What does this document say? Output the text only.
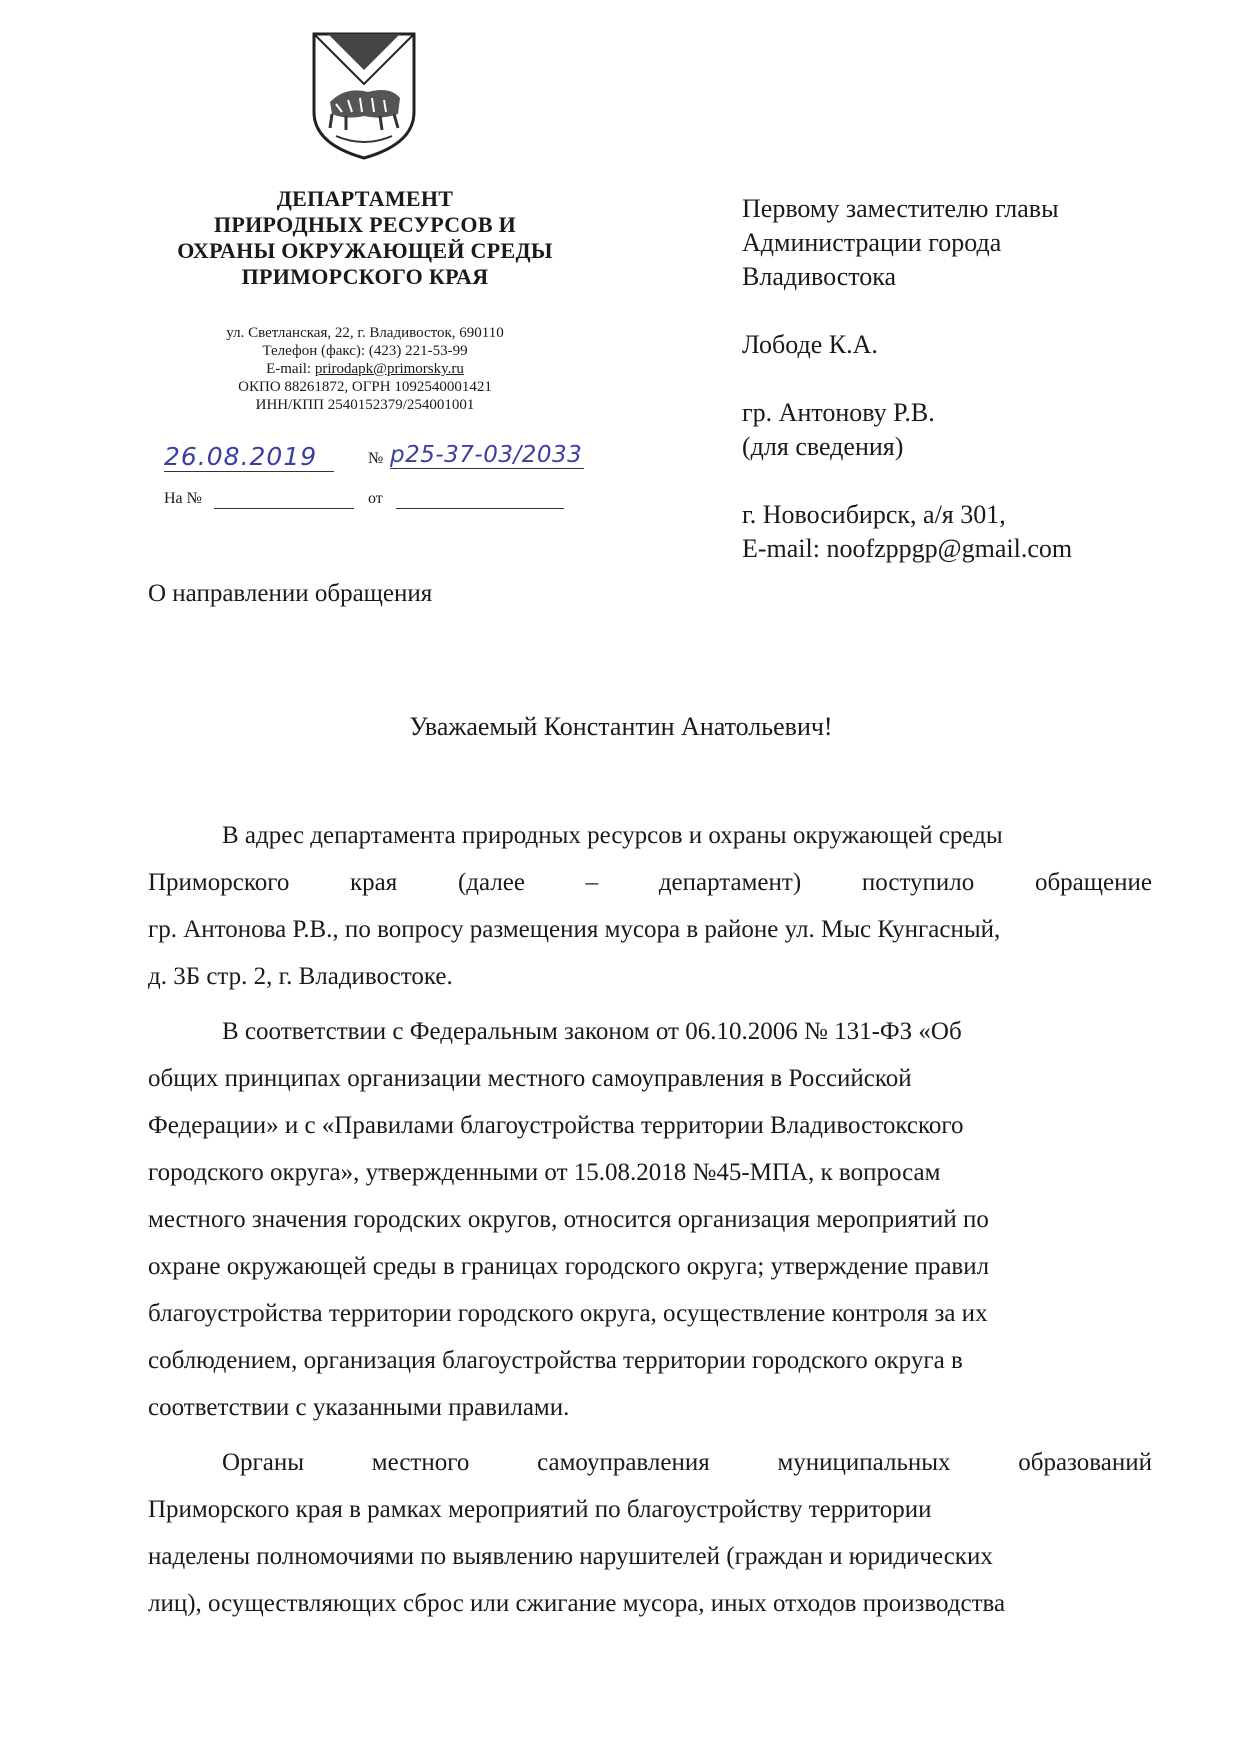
ДЕПАРТАМЕНТ
ПРИРОДНЫХ РЕСУРСОВ И
ОХРАНЫ ОКРУЖАЮЩЕЙ СРЕДЫ
ПРИМОРСКОГО КРАЯ
ул. Светланская, 22, г. Владивосток, 690110
Телефон (факс): (423) 221-53-99
E-mail: prirodapk@primorsky.ru
ОКПО 88261872, ОГРН 1092540001421
ИНН/КПП 2540152379/254001001
26.08.2019	№ р25-37-03/2033
На №	от
Первому заместителю главы
Администрации города
Владивостока
Лободе К.А.
гр. Антонову Р.В.
(для сведения)
г. Новосибирск, а/я 301,
E-mail: noofzppgp@gmail.com
О направлении обращения
Уважаемый Константин Анатольевич!
В адрес департамента природных ресурсов и охраны окружающей среды
Приморского края (далее – департамент) поступило обращение
гр. Антонова Р.В., по вопросу размещения мусора в районе ул. Мыс Кунгасный,
д. 3Б стр. 2, г. Владивостоке.
В соответствии с Федеральным законом от 06.10.2006 № 131-ФЗ «Об
общих принципах организации местного самоуправления в Российской
Федерации» и с «Правилами благоустройства территории Владивостокского
городского округа», утвержденными от 15.08.2018 №45-МПА, к вопросам
местного значения городских округов, относится организация мероприятий по
охране окружающей среды в границах городского округа; утверждение правил
благоустройства территории городского округа, осуществление контроля за их
соблюдением, организация благоустройства территории городского округа в
соответствии с указанными правилами.
Органы	местного	самоуправления	муниципальных	образований
Приморского края в рамках мероприятий по благоустройству территории
наделены полномочиями по выявлению нарушителей (граждан и юридических
лиц), осуществляющих сброс или сжигание мусора, иных отходов производства
